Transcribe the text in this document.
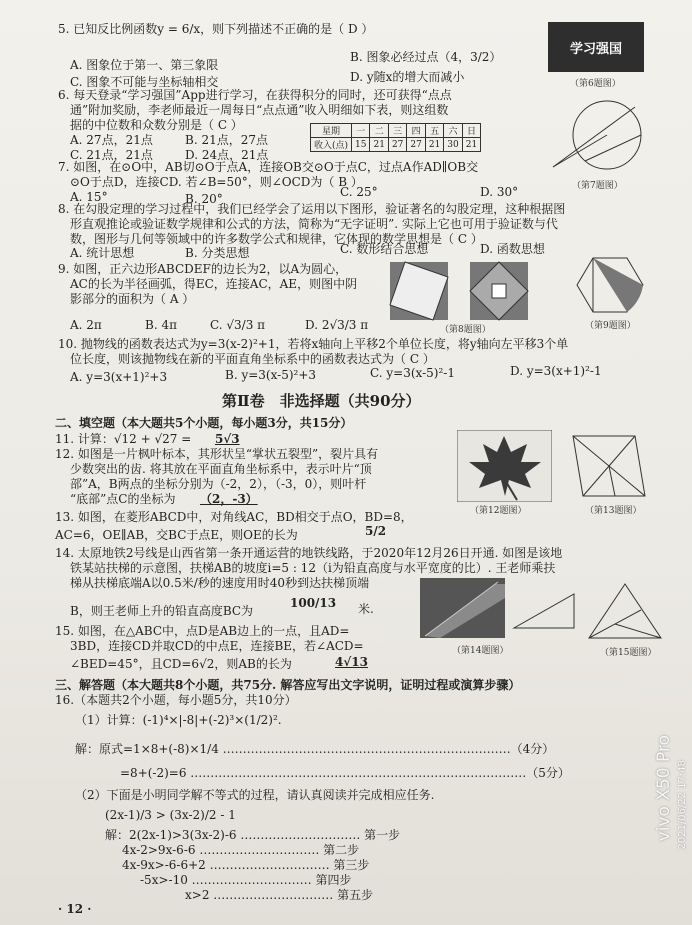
5. 已知反比例函数y = 6/x，则下列描述不正确的是（ D ）
A. 图象位于第一、第三象限
B. 图象必经过点（4，3/2）
C. 图象不可能与坐标轴相交	D. y随x的增大而减小
学习强国
（第6题图）
6. 每天登录“学习强国”App进行学习，在获得积分的同时，还可获得“点点
通”附加奖励，李老师最近一周每日“点点通”收入明细如下表，则这组数
据的中位数和众数分别是（ C ）
A. 27点，21点	B. 21点，27点
C. 21点，21点	D. 24点，21点
星期	一	二	三	四	五	六	日
收入(点)	15	21	27	27	21	30	21
（第7题图）
7. 如图，在⊙O中，AB切⊙O于点A，连接OB交⊙O于点C，过点A作AD∥OB交
⊙O于点D，连接CD. 若∠B=50°，则∠OCD为（ B ）
A. 15°	B. 20°	C. 25°	D. 30°
8. 在勾股定理的学习过程中，我们已经学会了运用以下图形，验证著名的勾股定理，这种根据图
形直观推论或验证数学规律和公式的方法，简称为“无字证明”. 实际上它也可用于验证数与代
数，图形与几何等领域中的许多数学公式和规律，它体现的数学思想是（ C ）
A. 统计思想	B. 分类思想	C. 数形结合思想	D. 函数思想
9. 如图，正六边形ABCDEF的边长为2，以A为圆心，
AC的长为半径画弧，得EC，连接AC，AE，则图中阴
影部分的面积为（ A ）
A. 2π	B. 4π	C. √3/3 π	D. 2√3/3 π	（第8题图）	（第9题图）
10. 抛物线的函数表达式为y=3(x-2)²+1，若将x轴向上平移2个单位长度，将y轴向左平移3个单
位长度，则该抛物线在新的平面直角坐标系中的函数表达式为（ C ）
A. y=3(x+1)²+3	B. y=3(x-5)²+3	C. y=3(x-5)²-1	D. y=3(x+1)²-1
第Ⅱ卷　非选择题（共90分）
二、填空题（本大题共5个小题，每小题3分，共15分）
11. 计算：√12 + √27 = 5√3
12. 如图是一片枫叶标本，其形状呈“掌状五裂型”，裂片具有
少数突出的齿. 将其放在平面直角坐标系中，表示叶片“顶
部”A，B两点的坐标分别为（-2，2），（-3，0），则叶杆
“底部”点C的坐标为 （2，-3）
（第12题图）	（第13题图）
13. 如图，在菱形ABCD中，对角线AC，BD相交于点O，BD=8，
AC=6，OE∥AB，交BC于点E，则OE的长为	5/2
14. 太原地铁2号线是山西省第一条开通运营的地铁线路，于2020年12月26日开通. 如图是该地
铁某站扶梯的示意图，扶梯AB的坡度i=5 : 12（i为铅直高度与水平宽度的比）. 王老师乘扶
梯从扶梯底端A以0.5米/秒的速度用时40秒到达扶梯顶端
B，则王老师上升的铅直高度BC为
100/13 米.
（第14题图）	（第15题图）
15. 如图，在△ABC中，点D是AB边上的一点，且AD=
3BD，连接CD并取CD的中点E，连接BE，若∠ACD=
∠BED=45°，且CD=6√2，则AB的长为	4√13
三、解答题（本大题共8个小题，共75分. 解答应写出文字说明，证明过程或演算步骤）
16.（本题共2个小题，每小题5分，共10分）
（1）计算：(-1)⁴×|-8|+(-2)³×(1/2)².
解：原式=1×8+(-8)×1/4 ………………………………………………………………（4分）
=8+(-2)=6 …………………………………………………………………………（5分）
（2）下面是小明同学解不等式的过程，请认真阅读并完成相应任务.
(2x-1)/3 > (3x-2)/2 - 1
解：2(2x-1)>3(3x-2)-6 ………………………… 第一步
4x-2>9x-6-6 ………………………… 第二步
4x-9x>-6-6+2 ………………………… 第三步
-5x>-10 ………………………… 第四步
x>2 ………………………… 第五步
· 12 ·
vivo X50 Pro 2021/06/22 17:48
